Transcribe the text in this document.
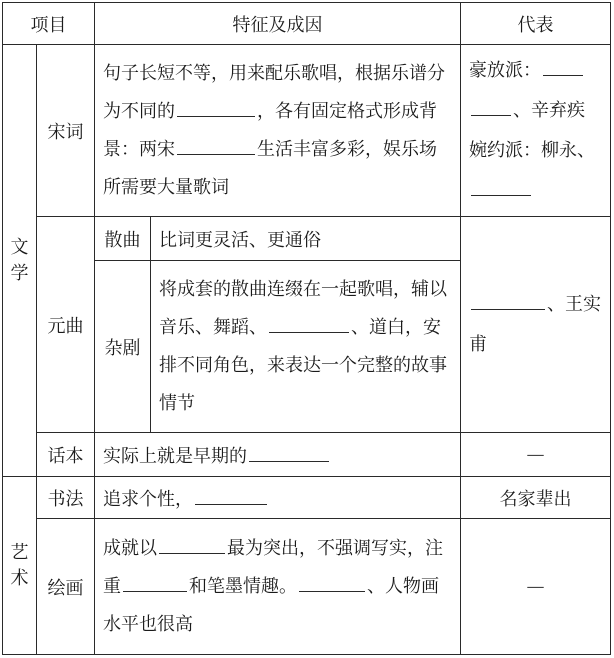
项目		特征及成因		代表

文
学	宋词	句子长短不等，用来配乐歌唱，根据乐谱分为不同的 ，各有固定格式形成背景：两宋 生活丰富多彩，娱乐场所需要大量歌词		豪放派：
、辛弃疾
婉约派：柳永、
	元曲	散曲	比词更灵活、更通俗	、王实甫
		杂剧	将成套的散曲连缀在一起歌唱，辅以音乐、舞蹈、 、道白，安排不同角色，来表达一个完整的故事情节	
	话本	实际上就是早期的		—

艺
术	书法	追求个性，		名家辈出
	绘画	成就以 最为突出，不强调写实，注重 和笔墨情趣。 、人物画水平也很高		—
